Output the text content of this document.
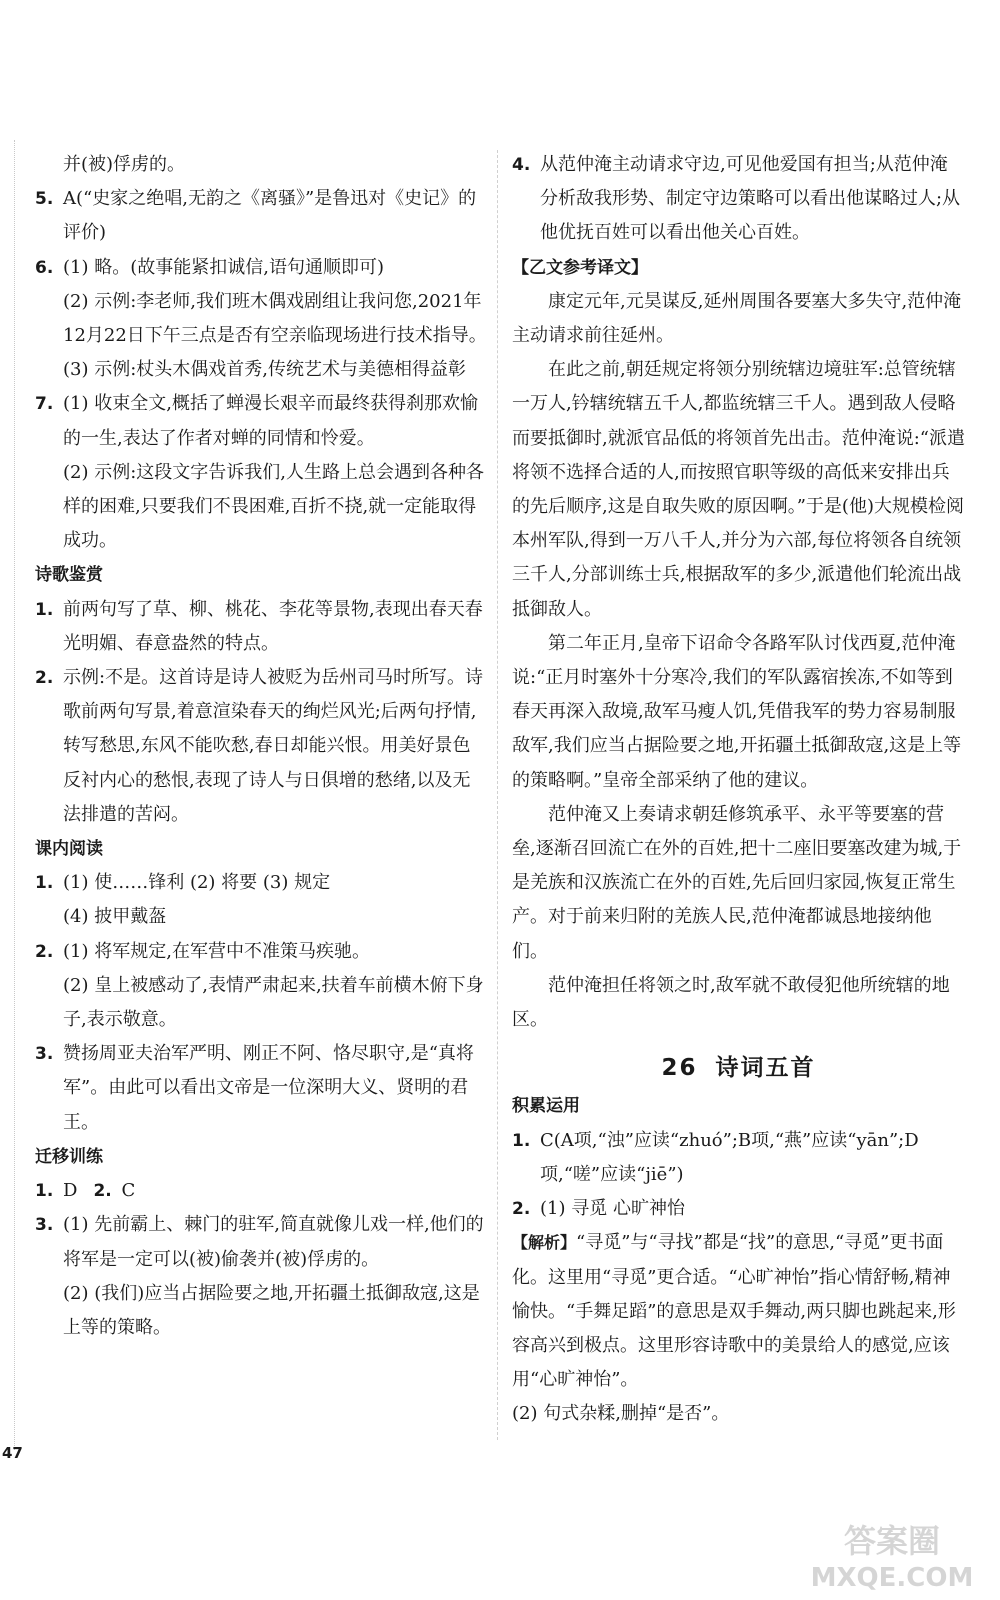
并(被)俘虏的。

5. A(“史家之绝唱,无韵之《离骚》”是鲁迅对《史记》的评价)
6. (1) 略。(故事能紧扣诚信,语句通顺即可)

(2) 示例:李老师,我们班木偶戏剧组让我问您,2021年12月22日下午三点是否有空亲临现场进行技术指导。

(3) 示例:杖头木偶戏首秀,传统艺术与美德相得益彰

7. (1) 收束全文,概括了蝉漫长艰辛而最终获得刹那欢愉的一生,表达了作者对蝉的同情和怜爱。

(2) 示例:这段文字告诉我们,人生路上总会遇到各种各样的困难,只要我们不畏困难,百折不挠,就一定能取得成功。

诗歌鉴赏

1. 前两句写了草、柳、桃花、李花等景物,表现出春天春光明媚、春意盎然的特点。
2. 示例:不是。这首诗是诗人被贬为岳州司马时所写。诗歌前两句写景,着意渲染春天的绚烂风光;后两句抒情,转写愁思,东风不能吹愁,春日却能兴恨。用美好景色反衬内心的愁恨,表现了诗人与日俱增的愁绪,以及无法排遣的苦闷。

课内阅读

1. (1) 使……锋利 (2) 将要 (3) 规定

(4) 披甲戴盔

2. (1) 将军规定,在军营中不准策马疾驰。

(2) 皇上被感动了,表情严肃起来,扶着车前横木俯下身子,表示敬意。

3. 赞扬周亚夫治军严明、刚正不阿、恪尽职守,是“真将军”。由此可以看出文帝是一位深明大义、贤明的君王。

迁移训练

1. D 2. C
3. (1) 先前霸上、棘门的驻军,简直就像儿戏一样,他们的将军是一定可以(被)偷袭并(被)俘虏的。

(2) (我们)应当占据险要之地,开拓疆土抵御敌寇,这是上等的策略。

4. 从范仲淹主动请求守边,可见他爱国有担当;从范仲淹分析敌我形势、制定守边策略可以看出他谋略过人;从他优抚百姓可以看出他关心百姓。

【乙文参考译文】

康定元年,元昊谋反,延州周围各要塞大多失守,范仲淹主动请求前往延州。

在此之前,朝廷规定将领分别统辖边境驻军:总管统辖一万人,钤辖统辖五千人,都监统辖三千人。遇到敌人侵略而要抵御时,就派官品低的将领首先出击。范仲淹说:“派遣将领不选择合适的人,而按照官职等级的高低来安排出兵的先后顺序,这是自取失败的原因啊。”于是(他)大规模检阅本州军队,得到一万八千人,并分为六部,每位将领各自统领三千人,分部训练士兵,根据敌军的多少,派遣他们轮流出战抵御敌人。

第二年正月,皇帝下诏命令各路军队讨伐西夏,范仲淹说:“正月时塞外十分寒冷,我们的军队露宿挨冻,不如等到春天再深入敌境,敌军马瘦人饥,凭借我军的势力容易制服敌军,我们应当占据险要之地,开拓疆土抵御敌寇,这是上等的策略啊。”皇帝全部采纳了他的建议。

范仲淹又上奏请求朝廷修筑承平、永平等要塞的营垒,逐渐召回流亡在外的百姓,把十二座旧要塞改建为城,于是羌族和汉族流亡在外的百姓,先后回归家园,恢复正常生产。对于前来归附的羌族人民,范仲淹都诚恳地接纳他们。

范仲淹担任将领之时,敌军就不敢侵犯他所统辖的地区。

26 诗词五首

积累运用

1. C(A项,“浊”应读“zhuó”;B项,“燕”应读“yān”;D项,“嗟”应读“jiē”)
2. (1) 寻觅 心旷神怡

【解析】“寻觅”与“寻找”都是“找”的意思,“寻觅”更书面化。这里用“寻觅”更合适。“心旷神怡”指心情舒畅,精神愉快。“手舞足蹈”的意思是双手舞动,两只脚也跳起来,形容高兴到极点。这里形容诗歌中的美景给人的感觉,应该用“心旷神怡”。

(2) 句式杂糅,删掉“是否”。

47
答案圈
MXQE.COM
